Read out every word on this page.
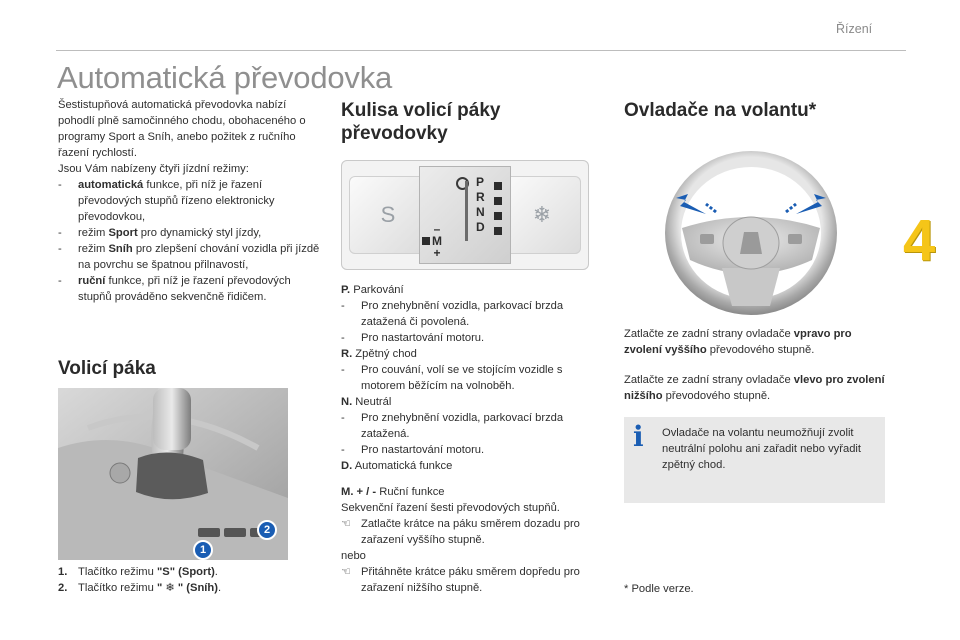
Řízení
4
Automatická převodovka

Šestistupňová automatická převodovka nabízí pohodlí plně samočinného chodu, obohaceného o programy Sport a Sníh, anebo požitek z ručního řazení rychlostí.

Jsou Vám nabízeny čtyři jízdní režimy:

-	automatická funkce, při níž je řazení převodových stupňů řízeno elektronicky převodovkou,
-	režim Sport pro dynamický styl jízdy,
-	režim Sníh pro zlepšení chování vozidla při jízdě na povrchu se špatnou přilnavostí,
-	ruční funkce, při níž je řazení převodových stupňů prováděno sekvenčně řidičem.
Volicí páka
1
2
1. Tlačítko režimu "S" (Sport).
2. Tlačítko režimu " ❄ " (Sníh).
Kulisa volicí páky
převodovky
S	❄
P
R
N
D
–
M
+
P. Parkování
-	Pro znehybnění vozidla, parkovací brzda zatažená či povolená.
-	Pro nastartování motoru.
R. Zpětný chod
-	Pro couvání, volí se ve stojícím vozidle s motorem běžícím na volnoběh.
N. Neutrál
-	Pro znehybnění vozidla, parkovací brzda zatažená.
-	Pro nastartování motoru.
D. Automatická funkce
M. + / - Ruční funkce
Sekvenční řazení šesti převodových stupňů.
☜ Zatlačte krátce na páku směrem dozadu pro zařazení vyššího stupně.
nebo
☜ Přitáhněte krátce páku směrem dopředu pro zařazení nižšího stupně.
Ovladače na volantu*

Zatlačte ze zadní strany ovladače vpravo pro zvolení vyššího převodového stupně.

Zatlačte ze zadní strany ovladače vlevo pro zvolení nižšího převodového stupně.

i	Ovladače na volantu neumožňují zvolit neutrální polohu ani zařadit nebo vyřadit zpětný chod.
* Podle verze.
